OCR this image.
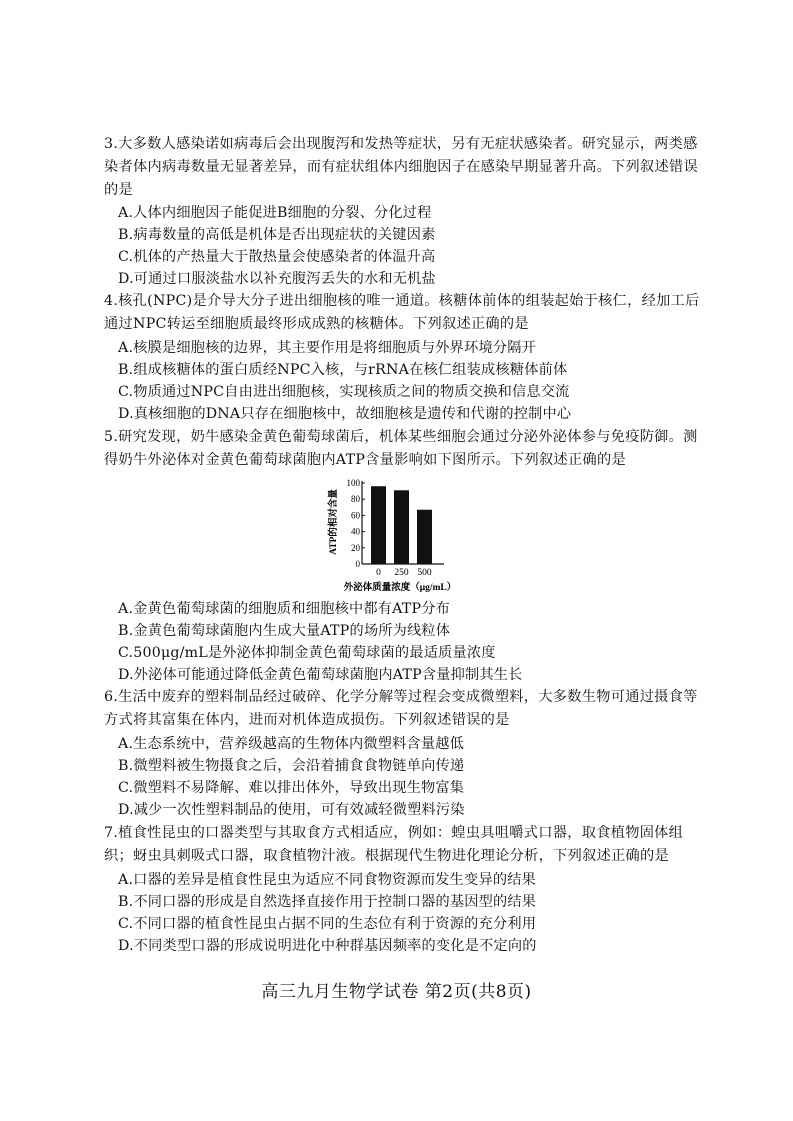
3.大多数人感染诺如病毒后会出现腹泻和发热等症状，另有无症状感染者。研究显示，两类感染者体内病毒数量无显著差异，而有症状组体内细胞因子在感染早期显著升高。下列叙述错误的是
A.人体内细胞因子能促进B细胞的分裂、分化过程
B.病毒数量的高低是机体是否出现症状的关键因素
C.机体的产热量大于散热量会使感染者的体温升高
D.可通过口服淡盐水以补充腹泻丢失的水和无机盐
4.核孔(NPC)是介导大分子进出细胞核的唯一通道。核糖体前体的组装起始于核仁，经加工后通过NPC转运至细胞质最终形成成熟的核糖体。下列叙述正确的是
A.核膜是细胞核的边界，其主要作用是将细胞质与外界环境分隔开
B.组成核糖体的蛋白质经NPC入核，与rRNA在核仁组装成核糖体前体
C.物质通过NPC自由进出细胞核，实现核质之间的物质交换和信息交流
D.真核细胞的DNA只存在细胞核中，故细胞核是遗传和代谢的控制中心
5.研究发现，奶牛感染金黄色葡萄球菌后，机体某些细胞会通过分泌外泌体参与免疫防御。测得奶牛外泌体对金黄色葡萄球菌胞内ATP含量影响如下图所示。下列叙述正确的是
0
20
40
60
80
100
0 250 500
ATP的相对含量
外泌体质量浓度（μg/mL）
A.金黄色葡萄球菌的细胞质和细胞核中都有ATP分布
B.金黄色葡萄球菌胞内生成大量ATP的场所为线粒体
C.500μg/mL是外泌体抑制金黄色葡萄球菌的最适质量浓度
D.外泌体可能通过降低金黄色葡萄球菌胞内ATP含量抑制其生长
6.生活中废弃的塑料制品经过破碎、化学分解等过程会变成微塑料，大多数生物可通过摄食等方式将其富集在体内，进而对机体造成损伤。下列叙述错误的是
A.生态系统中，营养级越高的生物体内微塑料含量越低
B.微塑料被生物摄食之后，会沿着捕食食物链单向传递
C.微塑料不易降解、难以排出体外，导致出现生物富集
D.减少一次性塑料制品的使用，可有效减轻微塑料污染
7.植食性昆虫的口器类型与其取食方式相适应，例如：蝗虫具咀嚼式口器，取食植物固体组织；蚜虫具刺吸式口器，取食植物汁液。根据现代生物进化理论分析，下列叙述正确的是
A.口器的差异是植食性昆虫为适应不同食物资源而发生变异的结果
B.不同口器的形成是自然选择直接作用于控制口器的基因型的结果
C.不同口器的植食性昆虫占据不同的生态位有利于资源的充分利用
D.不同类型口器的形成说明进化中种群基因频率的变化是不定向的
高三九月生物学试卷 第2页(共8页)
